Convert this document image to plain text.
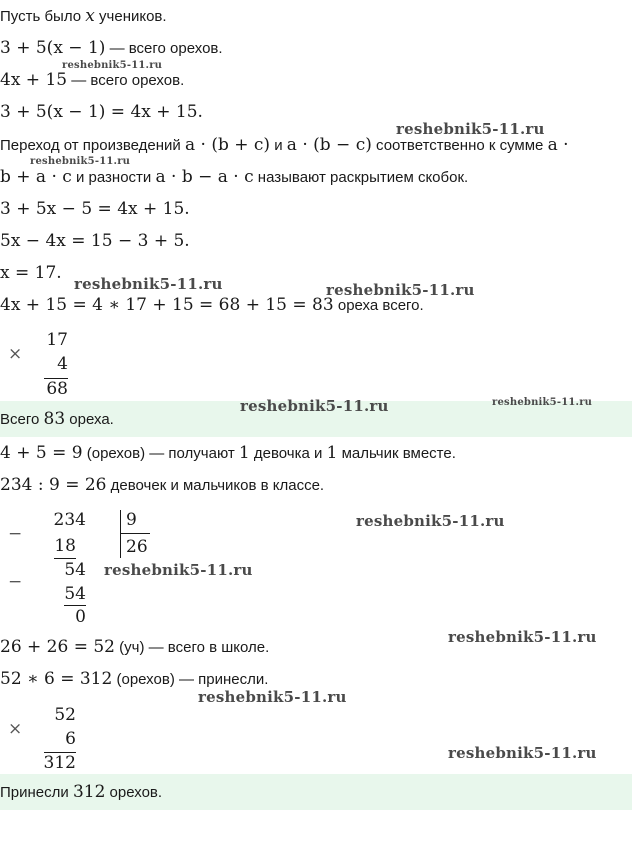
Пусть было x учеников.
3 + 5(x − 1) — всего орехов.
4x + 15 — всего орехов.
3 + 5(x − 1) = 4x + 15.
Переход от произведений a · (b + c) и a · (b − c) соответственно к сумме a ·
b + a · c и разности a · b − a · c называют раскрытием скобок.
3 + 5x − 5 = 4x + 15.
5x − 4x = 15 − 3 + 5.
x = 17.
4x + 15 = 4 ∗ 17 + 15 = 68 + 15 = 83 ореха всего.
×
17
4
68
Всего 83 ореха.
4 + 5 = 9 (орехов) — получают 1 девочка и 1 мальчик вместе.
234 : 9 = 26 девочек и мальчиков в классе.
−
234
18
9
26
−
54
54
0
26 + 26 = 52 (уч) — всего в школе.
52 ∗ 6 = 312 (орехов) — принесли.
×
52
6
312
Принесли 312 орехов.
reshebnik5-11.ru
reshebnik5-11.ru
reshebnik5-11.ru
reshebnik5-11.ru	reshebnik5-11.ru
reshebnik5-11.ru	reshebnik5-11.ru
reshebnik5-11.ru
reshebnik5-11.ru
reshebnik5-11.ru
reshebnik5-11.ru
reshebnik5-11.ru
